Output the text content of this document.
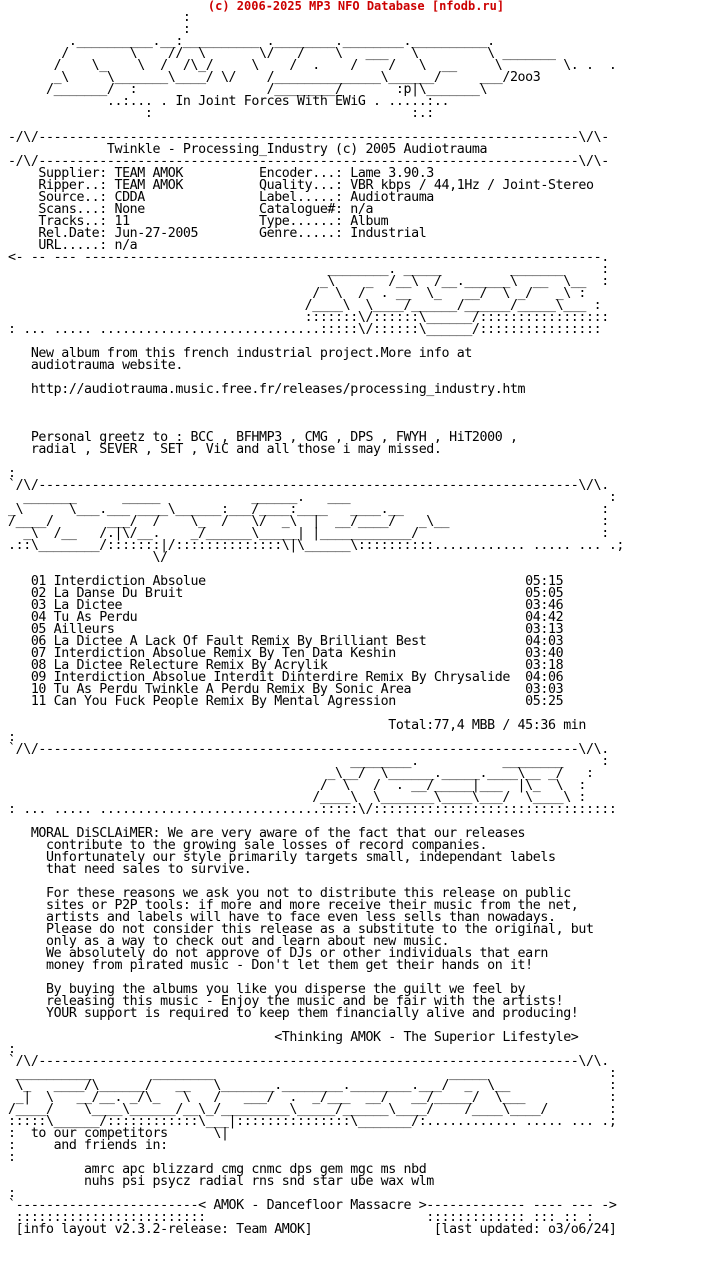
(c) 2006-2025 MP3 NFO Database [nfodb.ru]
:
:
.__________.__:__________ .________.________.__________.
/        \    //  \       \/   /    \   ___   \         \ _______
/    \_    \  /  /\_/     \    /  .    /    /   \  __     \        \. .  .
_\     \_______\____/ \/    /______________\______/     ___/2oo3
/_______/  :                 /________/       :p|\_______\
..:... . In Joint Forces With EWiG . .....:..
:                                  :.:

-/\/-----------------------------------------------------------------------\/\-
Twinkle - Processing_Industry (c) 2005 Audiotrauma
-/\/-----------------------------------------------------------------------\/\-
Supplier: TEAM AMOK          Encoder...: Lame 3.90.3
Ripper..: TEAM AMOK          Quality...: VBR kbps / 44,1Hz / Joint-Stereo
Source..: CDDA               Label.....: Audiotrauma
Scans...: None               Catalogue#: n/a
Tracks..: 11                 Type......: Album
Rel.Date: Jun-27-2005        Genre.....: Industrial
URL.....: n/a
<- -- --- --------------------------------------------------------------------.
________. _____         _______     :
_\    _  /__\  /__.______\  __  \__  :
/  \  /  . __  \_   __/  \ _/   _\ :
/____\  \____/______/______/_____\___ :
:::::::\/::::::\______/:::::::::::::::::
: ... ..... .............................:::::\/::::::\______/::::::::::::::::

New album from this french industrial project.More info at
audiotrauma website.

http://audiotrauma.music.free.fr/releases/processing_industry.htm

Personal greetz to : BCC , BFHMP3 , CMG , DPS , FWYH , HiT2000 ,
radial , SEVER , SET , ViC and all those i may missed.

:
`/\/-----------------------------------------------------------------------\/\.
_______      _____            ______.   ___                                  :
_\      \___.___ ____\______:___/____:____   ____.__                          :
/____/       ___/  /    \_  /   \/  _\  |  __/____/   _\__                    :
_\  /__   /.|\/__.    _/______\_____| |____________/                        :
.::\________/:::::::|/::::::::::::::\|\______\::::::::::............ ..... ... .;
\/

01 Interdiction Absolue                                          05:15
02 La Danse Du Bruit                                             05:05
03 La Dictee                                                     03:46
04 Tu As Perdu                                                   04:42
05 Ailleurs                                                      03:13
06 La Dictee A Lack Of Fault Remix By Brilliant Best             04:03
07 Interdiction Absolue Remix By Ten Data Keshin                 03:40
08 La Dictee Relecture Remix By Acrylik                          03:18
09 Interdiction Absolue Interdit Dinterdire Remix By Chrysalide  04:06
10 Tu As Perdu Twinkle A Perdu Remix By Sonic Area               03:03
11 Can You Fuck People Remix By Mental Agression                 05:25

Total:77,4 MBB / 45:36 min
:
`/\/-----------------------------------------------------------------------\/\.
________.           ________     :
_\__/  \______._____.____\__ _/   :
/  \   /  . __/_____|___  |\_  \  :
/____\  \_______\____\___/  \____\ :
: ... ..... .............................:::::\/::::::::::::::::::::::::::::::::

MORAL DiSCLAiMER: We are very aware of the fact that our releases
contribute to the growing sale losses of record companies.
Unfortunately our style primarily targets small, independant labels
that need sales to survive.

For these reasons we ask you not to distribute this release on public
sites or P2P tools: if more and more receive their music from the net,
artists and labels will have to face even less sells than nowadays.
Please do not consider this release as a substitute to the original, but
only as a way to check out and learn about new music.
We absolutely do not approve of DJs or other individuals that earn
money from pirated music - Don't let them get their hands on it!

By buying the albums you like you disperse the guilt we feel by
releasing this music - Enjoy the music and be fair with the artists!
YOUR support is required to keep them financially alive and producing!

<Thinking AMOK - The Superior Lifestyle>
:
`/\/-----------------------------------------------------------------------\/\.
__________        ________                               _____                :
\_   ____/\______/   __   \_______.________.________.___/  _  \__             :
_|  \   __/__. _/\_   \   /   ___/  .  _/___  __/   __/_____/  \___           :
/____/    \____\______/__\_/_________\_____/______\____/    /____\____/        :
:::::\______/::::::::::::\___|:::::::::::::::\_______/:............ ..... ... .;
:  to our competitors      \|
:     and friends in:
:
amrc apc blizzard cmg cnmc dps gem mgc ms nbd
nuhs psi psycz radial rns snd star ube wax wlm
:
`------------------------< AMOK - Dancefloor Massacre >------------- ---- --- ->
:::::::::::::::::::::::::                             ::::::::::::: ::: :: :
[info layout v2.3.2-release: Team AMOK]                [last updated: o3/o6/24]
